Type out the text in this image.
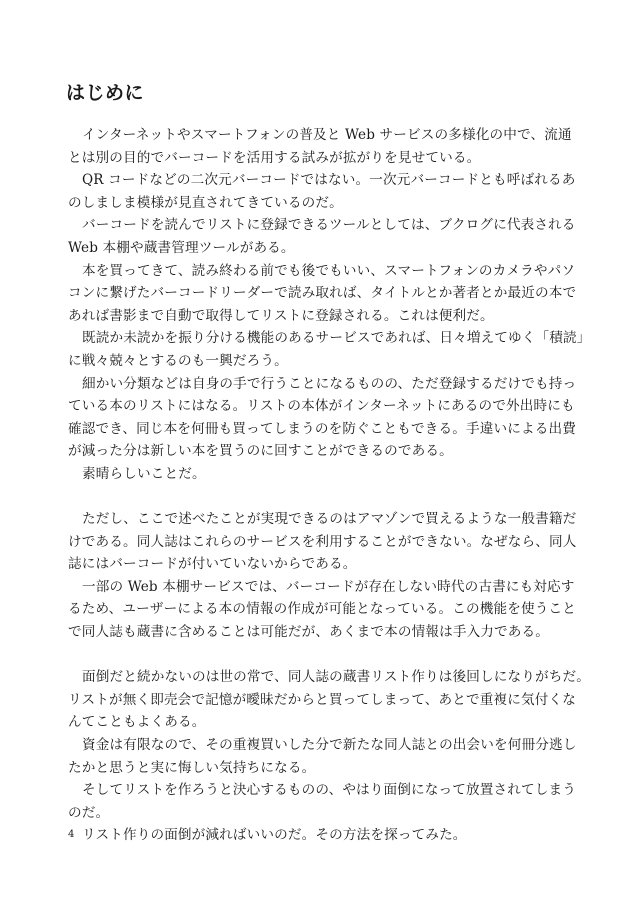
はじめに
インターネットやスマートフォンの普及と Web サービスの多様化の中で、流通
とは別の目的でバーコードを活用する試みが拡がりを見せている。
QR コードなどの二次元バーコードではない。一次元バーコードとも呼ばれるあ
のしましま模様が見直されてきているのだ。
バーコードを読んでリストに登録できるツールとしては、ブクログに代表される
Web 本棚や蔵書管理ツールがある。
本を買ってきて、読み終わる前でも後でもいい、スマートフォンのカメラやパソ
コンに繋げたバーコードリーダーで読み取れば、タイトルとか著者とか最近の本で
あれば書影まで自動で取得してリストに登録される。これは便利だ。
既読か未読かを振り分ける機能のあるサービスであれば、日々増えてゆく「積読」
に戦々兢々とするのも一興だろう。
細かい分類などは自身の手で行うことになるものの、ただ登録するだけでも持っ
ている本のリストにはなる。リストの本体がインターネットにあるので外出時にも
確認でき、同じ本を何冊も買ってしまうのを防ぐこともできる。手違いによる出費
が減った分は新しい本を買うのに回すことができるのである。
素晴らしいことだ。

ただし、ここで述べたことが実現できるのはアマゾンで買えるような一般書籍だ
けである。同人誌はこれらのサービスを利用することができない。なぜなら、同人
誌にはバーコードが付いていないからである。
一部の Web 本棚サービスでは、バーコードが存在しない時代の古書にも対応す
るため、ユーザーによる本の情報の作成が可能となっている。この機能を使うこと
で同人誌も蔵書に含めることは可能だが、あくまで本の情報は手入力である。

面倒だと続かないのは世の常で、同人誌の蔵書リスト作りは後回しになりがちだ。
リストが無く即売会で記憶が曖昧だからと買ってしまって、あとで重複に気付くな
んてこともよくある。
資金は有限なので、その重複買いした分で新たな同人誌との出会いを何冊分逃し
たかと思うと実に悔しい気持ちになる。
そしてリストを作ろうと決心するものの、やはり面倒になって放置されてしまう
のだ。
リスト作りの面倒が減ればいいのだ。その方法を探ってみた。
4
